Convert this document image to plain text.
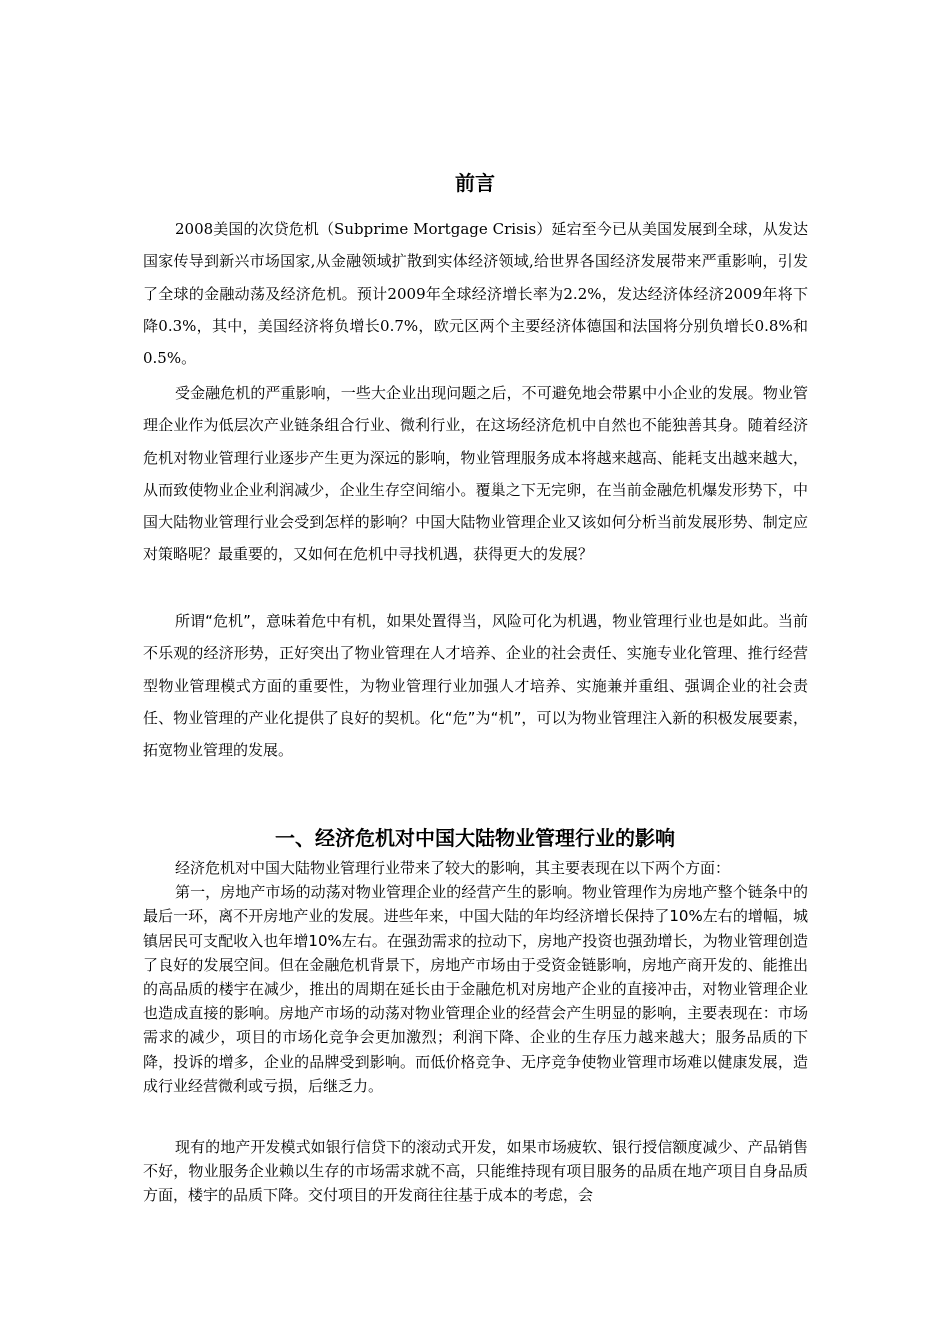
前言

2008美国的次贷危机（Subprime Mortgage Crisis）延宕至今已从美国发展到全球，从发达国家传导到新兴市场国家,从金融领域扩散到实体经济领域,给世界各国经济发展带来严重影响，引发了全球的金融动荡及经济危机。预计2009年全球经济增长率为2.2%，发达经济体经济2009年将下降0.3%，其中，美国经济将负增长0.7%，欧元区两个主要经济体德国和法国将分别负增长0.8%和0.5%。

受金融危机的严重影响，一些大企业出现问题之后，不可避免地会带累中小企业的发展。物业管理企业作为低层次产业链条组合行业、微利行业，在这场经济危机中自然也不能独善其身。随着经济危机对物业管理行业逐步产生更为深远的影响，物业管理服务成本将越来越高、能耗支出越来越大，从而致使物业企业利润减少，企业生存空间缩小。覆巢之下无完卵，在当前金融危机爆发形势下，中国大陆物业管理行业会受到怎样的影响？中国大陆物业管理企业又该如何分析当前发展形势、制定应对策略呢？最重要的，又如何在危机中寻找机遇，获得更大的发展？

所谓“危机”，意味着危中有机，如果处置得当，风险可化为机遇，物业管理行业也是如此。当前不乐观的经济形势，正好突出了物业管理在人才培养、企业的社会责任、实施专业化管理、推行经营型物业管理模式方面的重要性，为物业管理行业加强人才培养、实施兼并重组、强调企业的社会责任、物业管理的产业化提供了良好的契机。化“危”为“机”，可以为物业管理注入新的积极发展要素，拓宽物业管理的发展。

一、经济危机对中国大陆物业管理行业的影响

经济危机对中国大陆物业管理行业带来了较大的影响，其主要表现在以下两个方面：

第一，房地产市场的动荡对物业管理企业的经营产生的影响。物业管理作为房地产整个链条中的最后一环，离不开房地产业的发展。进些年来，中国大陆的年均经济增长保持了10%左右的增幅，城镇居民可支配收入也年增10%左右。在强劲需求的拉动下，房地产投资也强劲增长，为物业管理创造了良好的发展空间。但在金融危机背景下，房地产市场由于受资金链影响，房地产商开发的、能推出的高品质的楼宇在减少，推出的周期在延长由于金融危机对房地产企业的直接冲击，对物业管理企业也造成直接的影响。房地产市场的动荡对物业管理企业的经营会产生明显的影响，主要表现在：市场需求的减少，项目的市场化竞争会更加激烈；利润下降、企业的生存压力越来越大；服务品质的下降，投诉的增多，企业的品牌受到影响。而低价格竞争、无序竞争使物业管理市场难以健康发展，造成行业经营微利或亏损，后继乏力。

现有的地产开发模式如银行信贷下的滚动式开发，如果市场疲软、银行授信额度减少、产品销售不好，物业服务企业赖以生存的市场需求就不高，只能维持现有项目服务的品质在地产项目自身品质方面，楼宇的品质下降。交付项目的开发商往往基于成本的考虑，会
